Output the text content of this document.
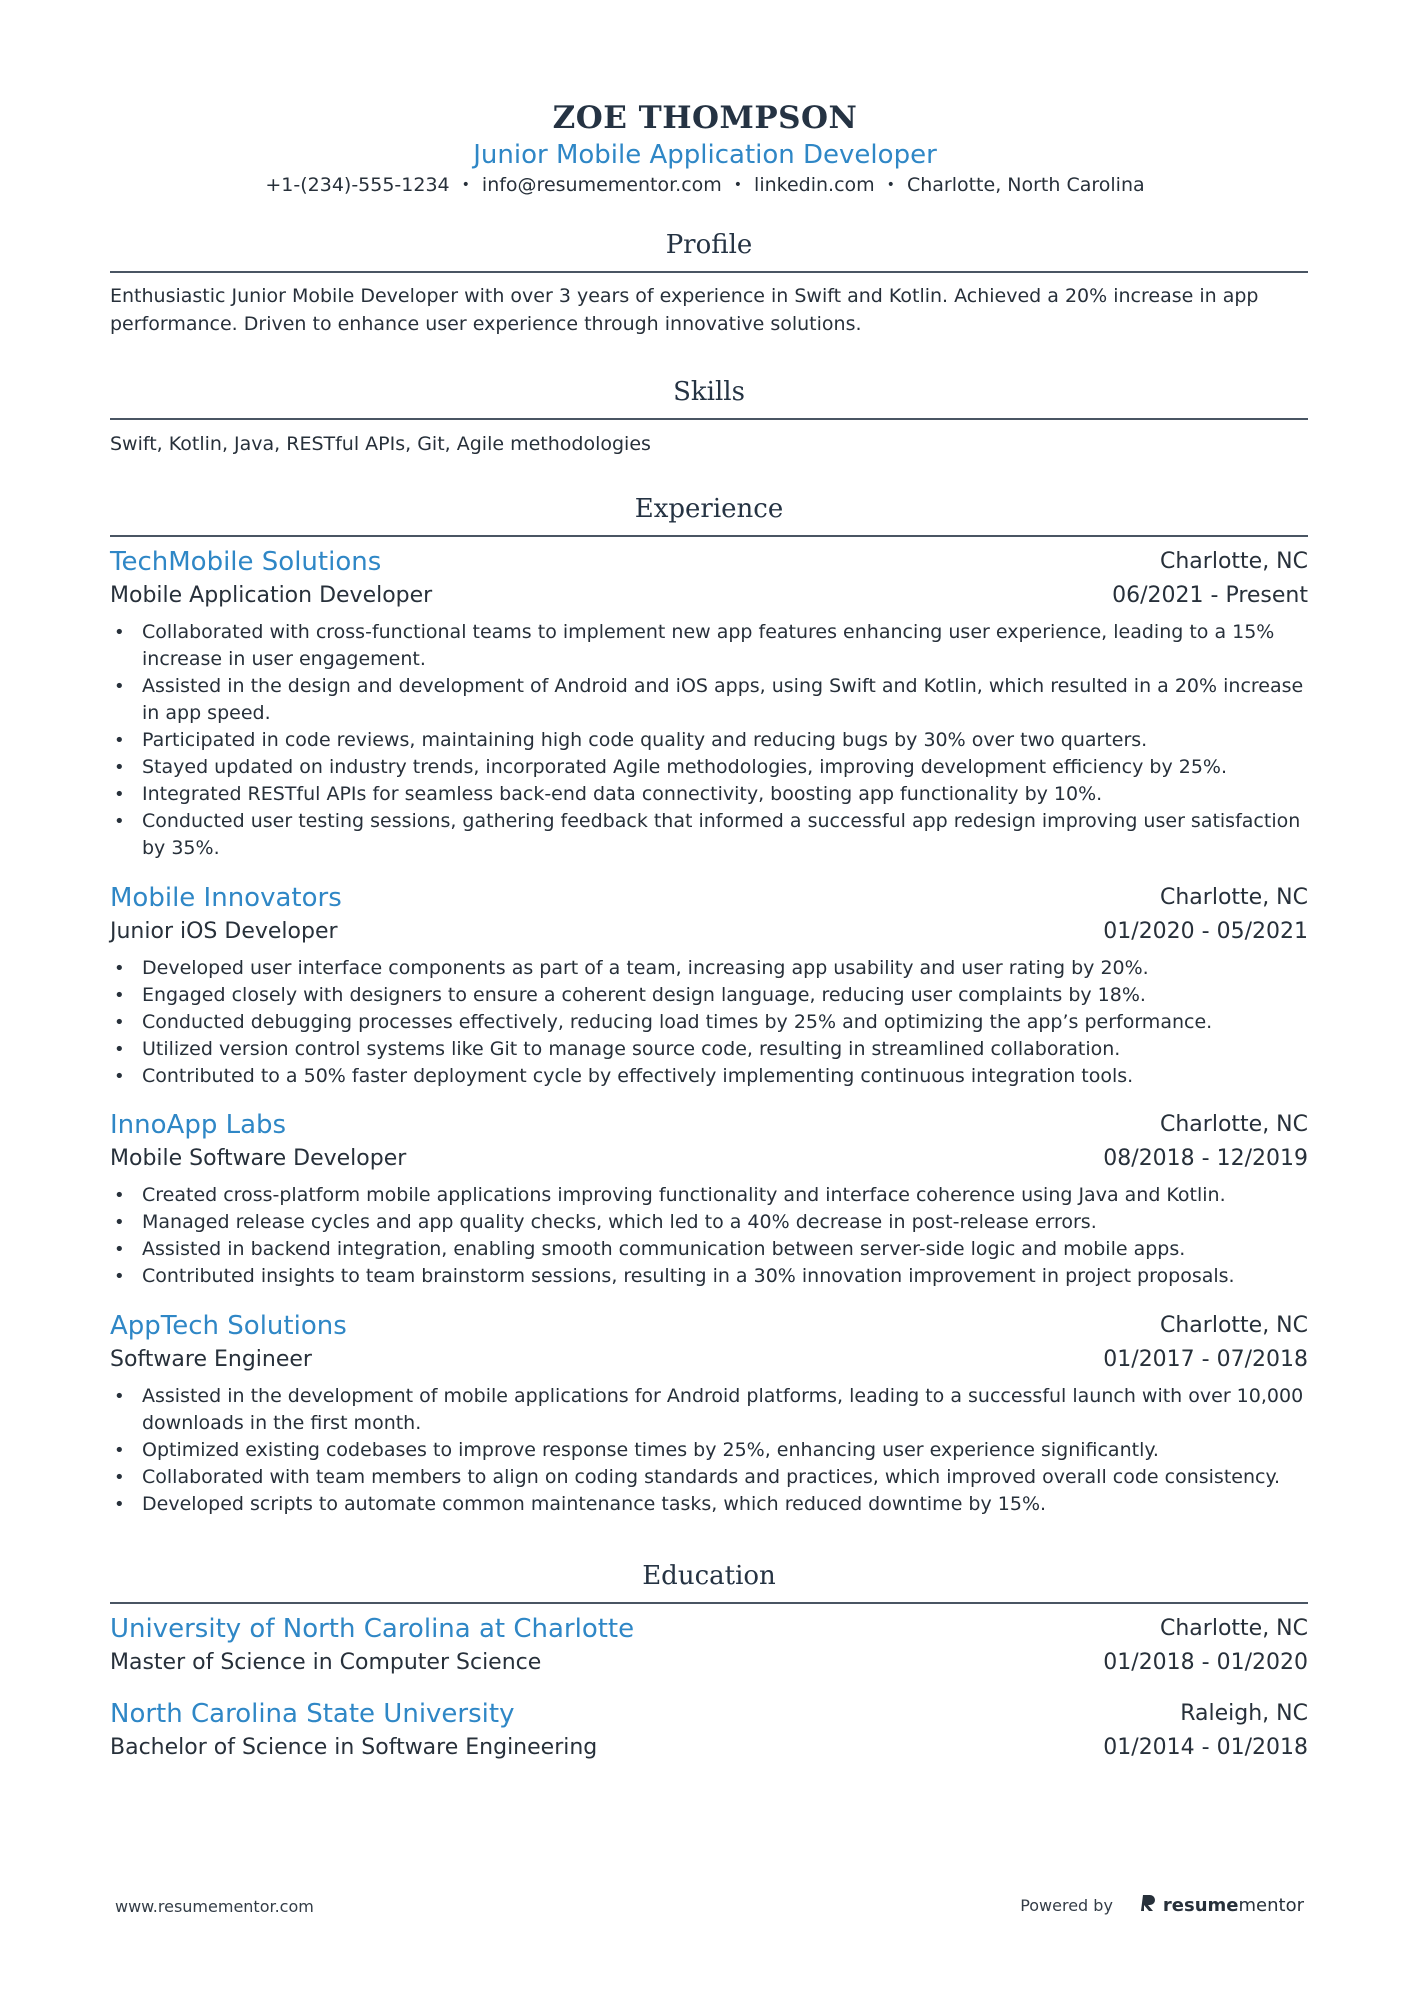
ZOE THOMPSON
Junior Mobile Application Developer
+1-(234)-555-1234 • info@resumementor.com • linkedin.com • Charlotte, North Carolina
Profile
Enthusiastic Junior Mobile Developer with over 3 years of experience in Swift and Kotlin. Achieved a 20% increase in app performance. Driven to enhance user experience through innovative solutions.
Skills
Swift, Kotlin, Java, RESTful APIs, Git, Agile methodologies
Experience
TechMobile Solutions	Charlotte, NC
Mobile Application Developer	06/2021 - Present
• Collaborated with cross-functional teams to implement new app features enhancing user experience, leading to a 15% increase in user engagement.
• Assisted in the design and development of Android and iOS apps, using Swift and Kotlin, which resulted in a 20% increase in app speed.
• Participated in code reviews, maintaining high code quality and reducing bugs by 30% over two quarters.
• Stayed updated on industry trends, incorporated Agile methodologies, improving development efficiency by 25%.
• Integrated RESTful APIs for seamless back-end data connectivity, boosting app functionality by 10%.
• Conducted user testing sessions, gathering feedback that informed a successful app redesign improving user satisfaction by 35%.
Mobile Innovators	Charlotte, NC
Junior iOS Developer	01/2020 - 05/2021
• Developed user interface components as part of a team, increasing app usability and user rating by 20%.
• Engaged closely with designers to ensure a coherent design language, reducing user complaints by 18%.
• Conducted debugging processes effectively, reducing load times by 25% and optimizing the app’s performance.
• Utilized version control systems like Git to manage source code, resulting in streamlined collaboration.
• Contributed to a 50% faster deployment cycle by effectively implementing continuous integration tools.
InnoApp Labs	Charlotte, NC
Mobile Software Developer	08/2018 - 12/2019
• Created cross-platform mobile applications improving functionality and interface coherence using Java and Kotlin.
• Managed release cycles and app quality checks, which led to a 40% decrease in post-release errors.
• Assisted in backend integration, enabling smooth communication between server-side logic and mobile apps.
• Contributed insights to team brainstorm sessions, resulting in a 30% innovation improvement in project proposals.
AppTech Solutions	Charlotte, NC
Software Engineer	01/2017 - 07/2018
• Assisted in the development of mobile applications for Android platforms, leading to a successful launch with over 10,000 downloads in the first month.
• Optimized existing codebases to improve response times by 25%, enhancing user experience significantly.
• Collaborated with team members to align on coding standards and practices, which improved overall code consistency.
• Developed scripts to automate common maintenance tasks, which reduced downtime by 15%.
Education
University of North Carolina at Charlotte	Charlotte, NC
Master of Science in Computer Science	01/2018 - 01/2020
North Carolina State University	Raleigh, NC
Bachelor of Science in Software Engineering	01/2014 - 01/2018
www.resumementor.com	Powered by	resume mentor
